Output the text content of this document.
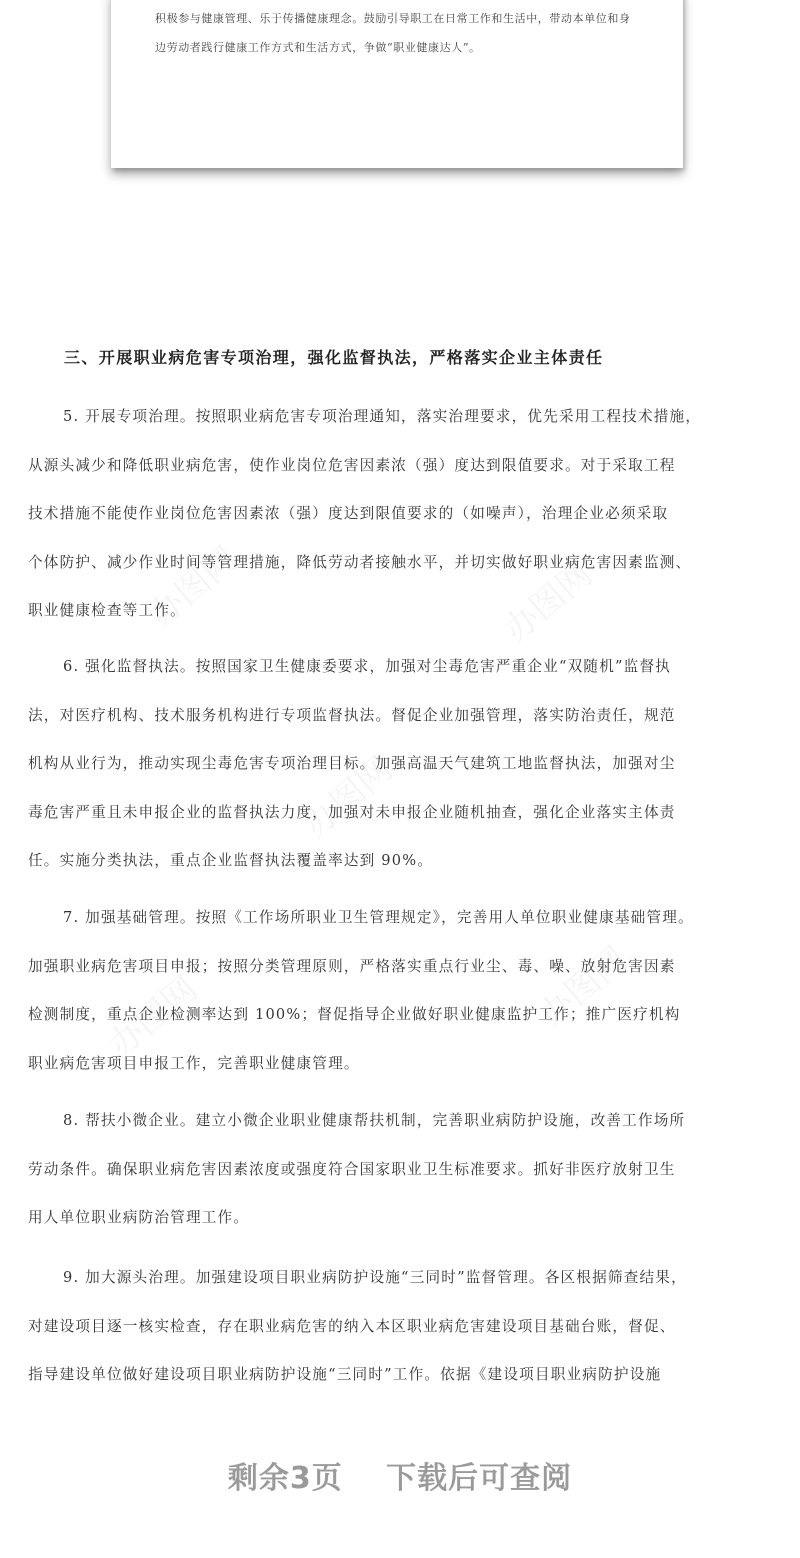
积极参与健康管理、乐于传播健康理念。鼓励引导职工在日常工作和生活中，带动本单位和身

边劳动者践行健康工作方式和生活方式，争做“职业健康达人”。

三、开展职业病危害专项治理，强化监督执法，严格落实企业主体责任
5. 开展专项治理。按照职业病危害专项治理通知，落实治理要求，优先采用工程技术措施，
从源头减少和降低职业病危害，使作业岗位危害因素浓（强）度达到限值要求。对于采取工程
技术措施不能使作业岗位危害因素浓（强）度达到限值要求的（如噪声），治理企业必须采取
个体防护、减少作业时间等管理措施，降低劳动者接触水平，并切实做好职业病危害因素监测、
职业健康检查等工作。
6. 强化监督执法。按照国家卫生健康委要求，加强对尘毒危害严重企业“双随机”监督执
法，对医疗机构、技术服务机构进行专项监督执法。督促企业加强管理，落实防治责任，规范
机构从业行为，推动实现尘毒危害专项治理目标。加强高温天气建筑工地监督执法，加强对尘
毒危害严重且未申报企业的监督执法力度，加强对未申报企业随机抽查，强化企业落实主体责
任。实施分类执法，重点企业监督执法覆盖率达到 90%。
7. 加强基础管理。按照《工作场所职业卫生管理规定》，完善用人单位职业健康基础管理。
加强职业病危害项目申报；按照分类管理原则，严格落实重点行业尘、毒、噪、放射危害因素
检测制度，重点企业检测率达到 100%；督促指导企业做好职业健康监护工作；推广医疗机构
职业病危害项目申报工作，完善职业健康管理。
8. 帮扶小微企业。建立小微企业职业健康帮扶机制，完善职业病防护设施，改善工作场所
劳动条件。确保职业病危害因素浓度或强度符合国家职业卫生标准要求。抓好非医疗放射卫生
用人单位职业病防治管理工作。
9. 加大源头治理。加强建设项目职业病防护设施“三同时”监督管理。各区根据筛查结果，
对建设项目逐一核实检查，存在职业病危害的纳入本区职业病危害建设项目基础台账，督促、
指导建设单位做好建设项目职业病防护设施“三同时”工作。依据《建设项目职业病防护设施
剩余3页 下载后可查阅
